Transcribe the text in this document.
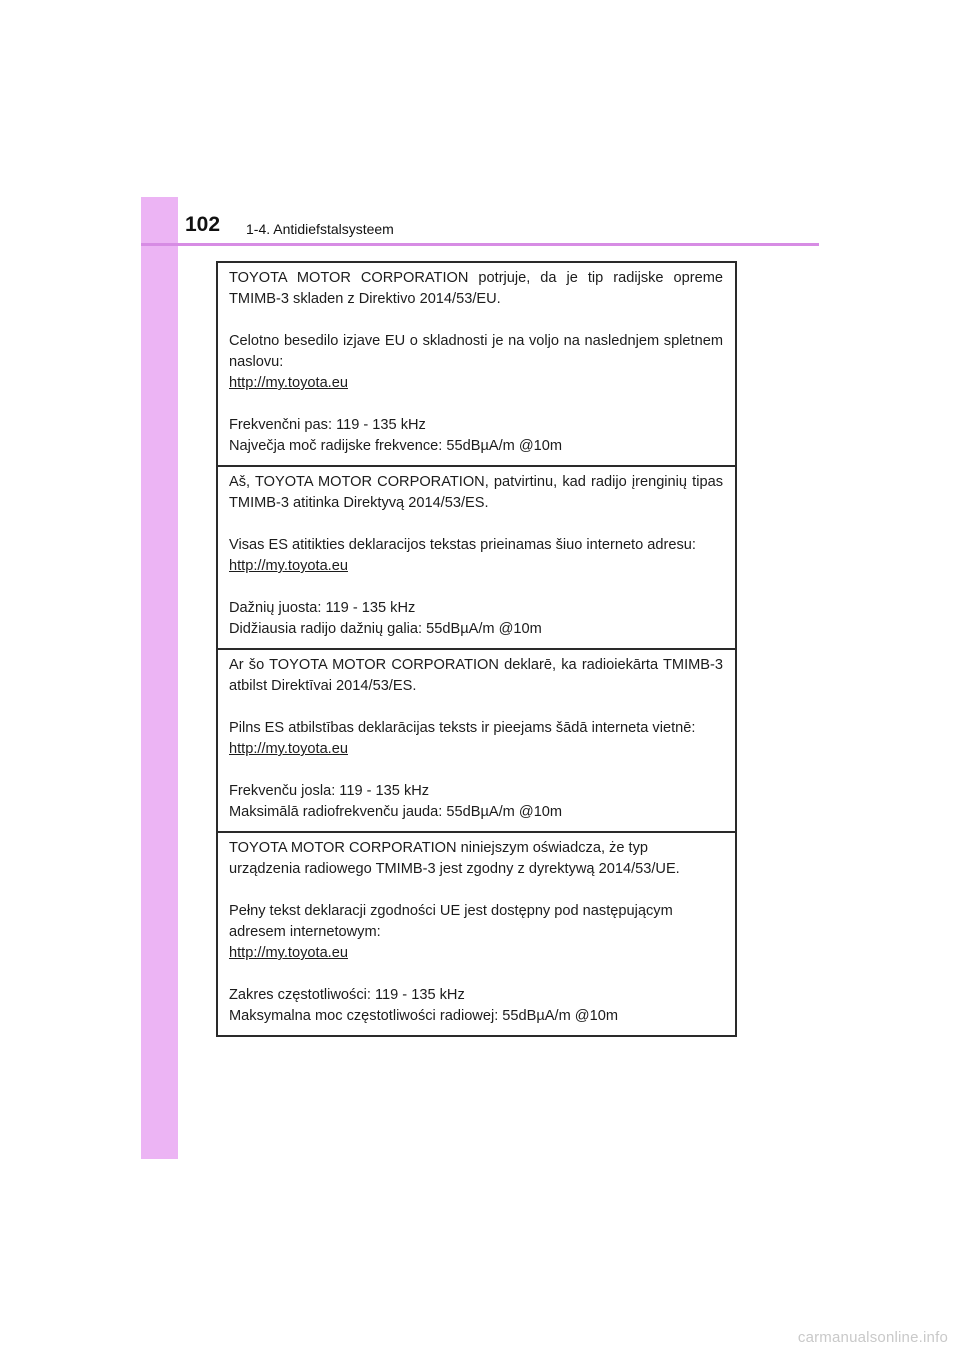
102 1-4. Antidiefstalsysteem

TOYOTA MOTOR CORPORATION potrjuje, da je tip radijske opreme TMIMB-3 skladen z Direktivo 2014/53/EU.

Celotno besedilo izjave EU o skladnosti je na voljo na naslednjem spletnem naslovu:

http://my.toyota.eu

Frekvenčni pas: 119 - 135 kHz

Največja moč radijske frekvence: 55dBµA/m @10m

Aš, TOYOTA MOTOR CORPORATION, patvirtinu, kad radijo įrenginių tipas TMIMB-3 atitinka Direktyvą 2014/53/ES.

Visas ES atitikties deklaracijos tekstas prieinamas šiuo interneto adresu:

http://my.toyota.eu

Dažnių juosta: 119 - 135 kHz

Didžiausia radijo dažnių galia: 55dBµA/m @10m

Ar šo TOYOTA MOTOR CORPORATION deklarē, ka radioiekārta TMIMB-3 atbilst Direktīvai 2014/53/ES.

Pilns ES atbilstības deklarācijas teksts ir pieejams šādā interneta vietnē:

http://my.toyota.eu

Frekvenču josla: 119 - 135 kHz

Maksimālā radiofrekvenču jauda: 55dBµA/m @10m

TOYOTA MOTOR CORPORATION niniejszym oświadcza, że typ urządzenia radiowego TMIMB-3 jest zgodny z dyrektywą 2014/53/UE.

Pełny tekst deklaracji zgodności UE jest dostępny pod następującym adresem internetowym:

http://my.toyota.eu

Zakres częstotliwości: 119 - 135 kHz

Maksymalna moc częstotliwości radiowej: 55dBµA/m @10m

carmanualsonline.info
